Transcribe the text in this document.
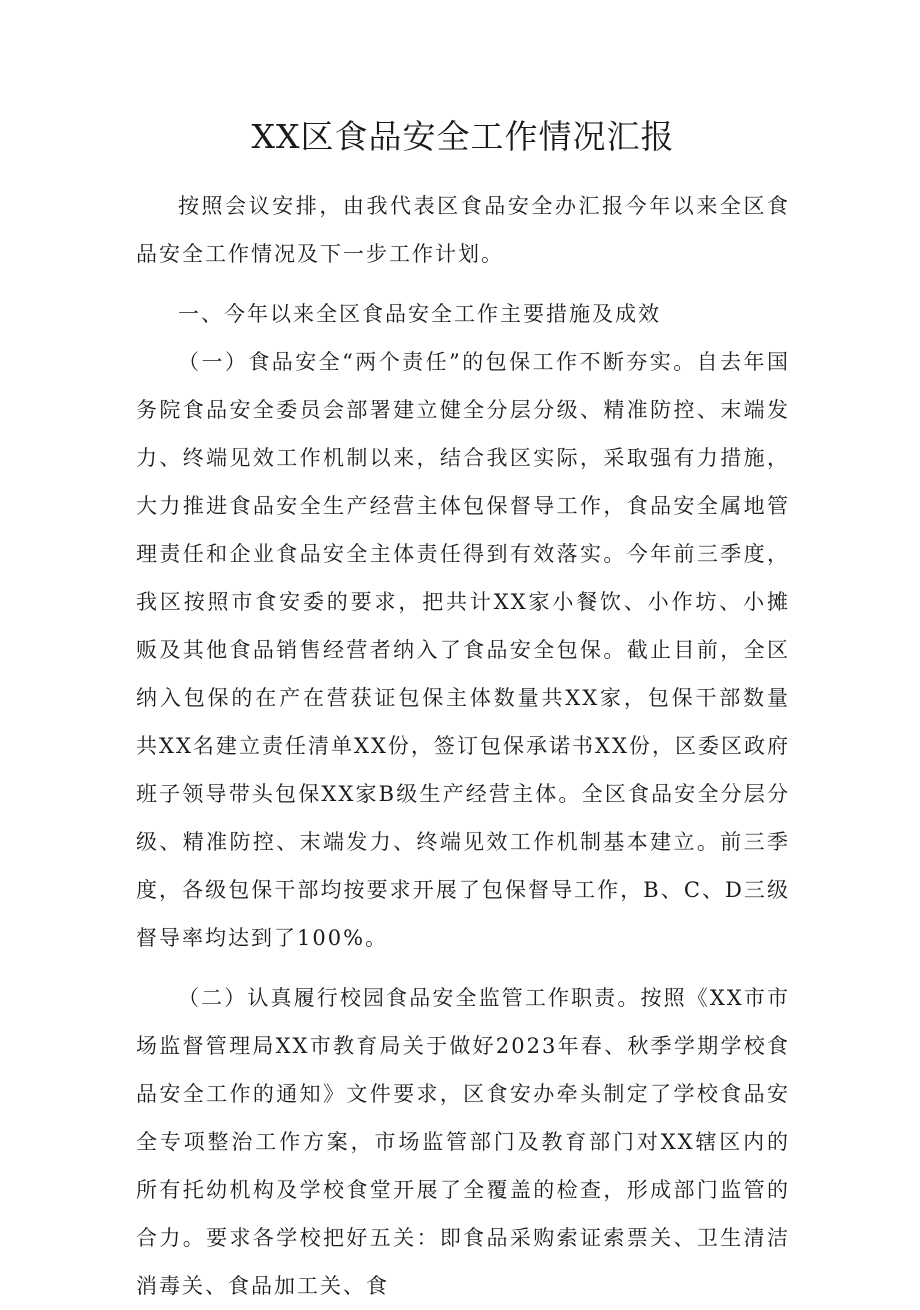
XX区食品安全工作情况汇报

按照会议安排，由我代表区食品安全办汇报今年以来全区食品安全工作情况及下一步工作计划。

一、今年以来全区食品安全工作主要措施及成效

（一）食品安全“两个责任”的包保工作不断夯实。自去年国务院食品安全委员会部署建立健全分层分级、精准防控、末端发力、终端见效工作机制以来，结合我区实际，采取强有力措施，大力推进食品安全生产经营主体包保督导工作，食品安全属地管理责任和企业食品安全主体责任得到有效落实。今年前三季度，我区按照市食安委的要求，把共计XX家小餐饮、小作坊、小摊贩及其他食品销售经营者纳入了食品安全包保。截止目前，全区纳入包保的在产在营获证包保主体数量共XX家，包保干部数量共XX名建立责任清单XX份，签订包保承诺书XX份，区委区政府班子领导带头包保XX家B级生产经营主体。全区食品安全分层分级、精准防控、末端发力、终端见效工作机制基本建立。前三季度，各级包保干部均按要求开展了包保督导工作，B、C、D三级督导率均达到了100%。

（二）认真履行校园食品安全监管工作职责。按照《XX市市场监督管理局XX市教育局关于做好2023年春、秋季学期学校食品安全工作的通知》文件要求，区食安办牵头制定了学校食品安全专项整治工作方案，市场监管部门及教育部门对XX辖区内的所有托幼机构及学校食堂开展了全覆盖的检查，形成部门监管的合力。要求各学校把好五关：即食品采购索证索票关、卫生清洁消毒关、食品加工关、食
